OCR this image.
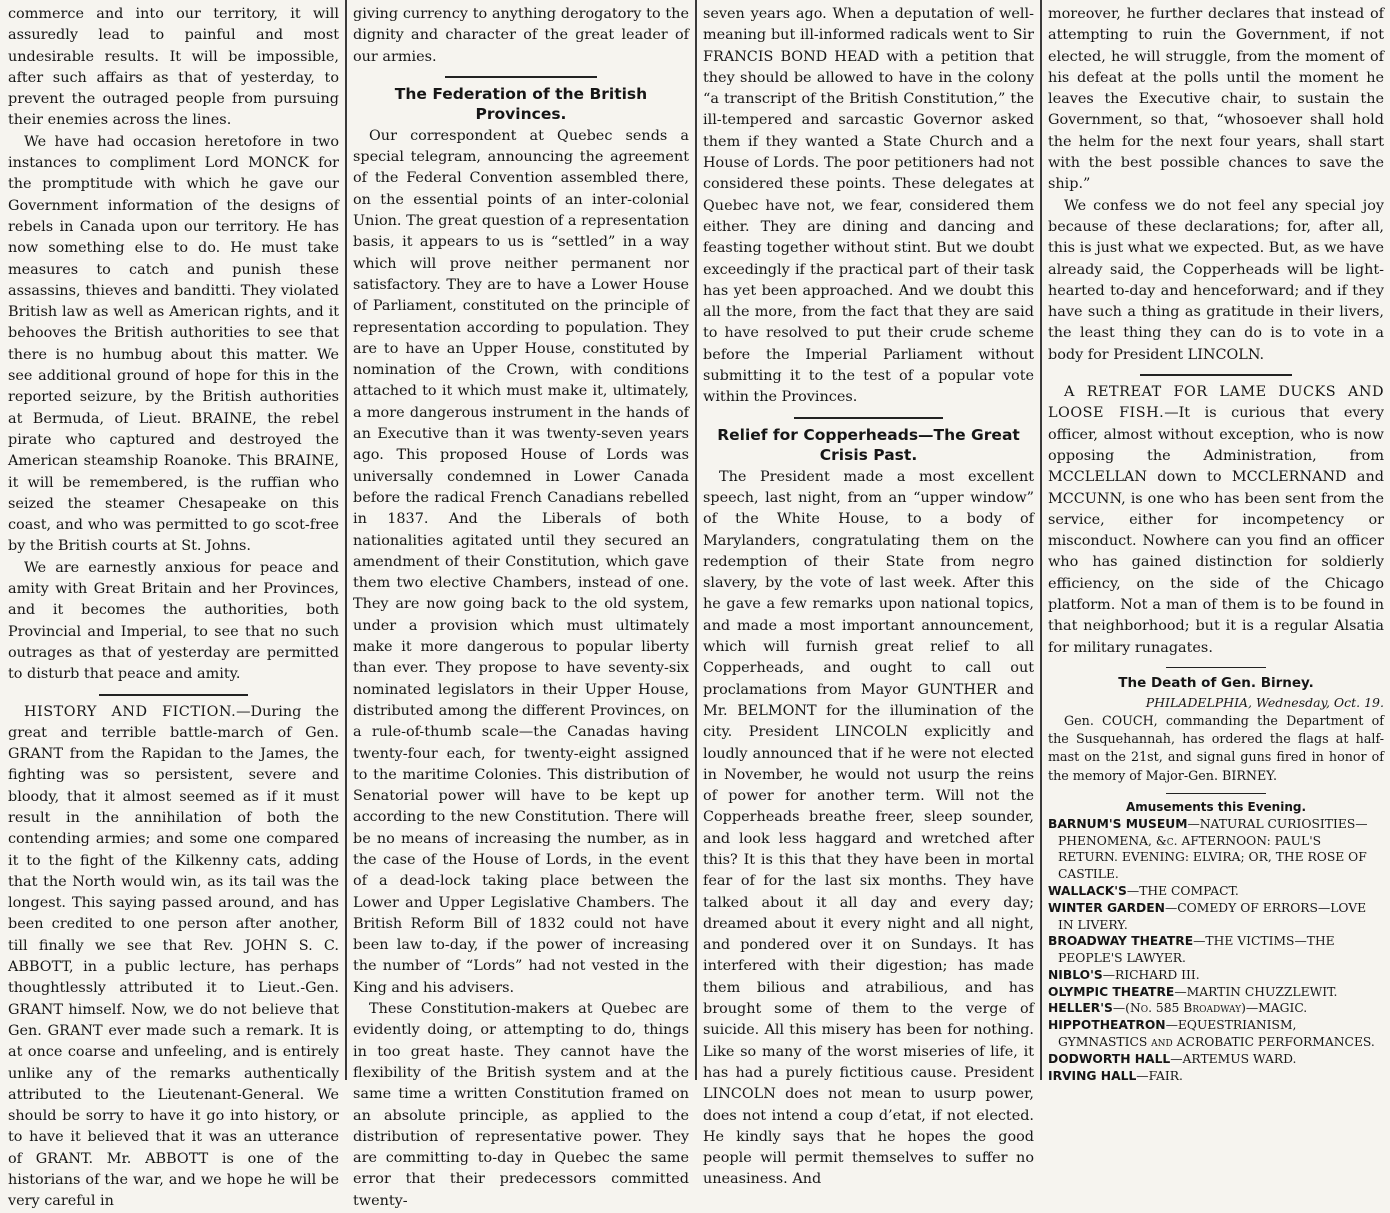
commerce and into our territory, it will assuredly lead to painful and most undesirable results. It will be impossible, after such affairs as that of yesterday, to prevent the outraged people from pursuing their enemies across the lines.

We have had occasion heretofore in two instances to compliment Lord MONCK for the promptitude with which he gave our Government information of the designs of rebels in Canada upon our territory. He has now something else to do. He must take measures to catch and punish these assassins, thieves and banditti. They violated British law as well as American rights, and it behooves the British authorities to see that there is no humbug about this matter. We see additional ground of hope for this in the reported seizure, by the British authorities at Bermuda, of Lieut. BRAINE, the rebel pirate who captured and destroyed the American steamship Roanoke. This BRAINE, it will be remembered, is the ruffian who seized the steamer Chesapeake on this coast, and who was permitted to go scot-free by the British courts at St. Johns.

We are earnestly anxious for peace and amity with Great Britain and her Provinces, and it becomes the authorities, both Provincial and Imperial, to see that no such outrages as that of yesterday are permitted to disturb that peace and amity.

HISTORY AND FICTION.—During the great and terrible battle-march of Gen. GRANT from the Rapidan to the James, the fighting was so persistent, severe and bloody, that it almost seemed as if it must result in the annihilation of both the contending armies; and some one compared it to the fight of the Kilkenny cats, adding that the North would win, as its tail was the longest. This saying passed around, and has been credited to one person after another, till finally we see that Rev. JOHN S. C. ABBOTT, in a public lecture, has perhaps thoughtlessly attributed it to Lieut.-Gen. GRANT himself. Now, we do not believe that Gen. GRANT ever made such a remark. It is at once coarse and unfeeling, and is entirely unlike any of the remarks authentically attributed to the Lieutenant-General. We should be sorry to have it go into history, or to have it believed that it was an utterance of GRANT. Mr. ABBOTT is one of the historians of the war, and we hope he will be very careful in

giving currency to anything derogatory to the dignity and character of the great leader of our armies.

The Federation of the British Provinces.

Our correspondent at Quebec sends a special telegram, announcing the agreement of the Federal Convention assembled there, on the essential points of an inter-colonial Union. The great question of a representation basis, it appears to us is “settled” in a way which will prove neither permanent nor satisfactory. They are to have a Lower House of Parliament, constituted on the principle of representation according to population. They are to have an Upper House, constituted by nomination of the Crown, with conditions attached to it which must make it, ultimately, a more dangerous instrument in the hands of an Executive than it was twenty-seven years ago. This proposed House of Lords was universally condemned in Lower Canada before the radical French Canadians rebelled in 1837. And the Liberals of both nationalities agitated until they secured an amendment of their Constitution, which gave them two elective Chambers, instead of one. They are now going back to the old system, under a provision which must ultimately make it more dangerous to popular liberty than ever. They propose to have seventy-six nominated legislators in their Upper House, distributed among the different Provinces, on a rule-of-thumb scale—the Canadas having twenty-four each, for twenty-eight assigned to the maritime Colonies. This distribution of Senatorial power will have to be kept up according to the new Constitution. There will be no means of increasing the number, as in the case of the House of Lords, in the event of a dead-lock taking place between the Lower and Upper Legislative Chambers. The British Reform Bill of 1832 could not have been law to-day, if the power of increasing the number of “Lords” had not vested in the King and his advisers.

These Constitution-makers at Quebec are evidently doing, or attempting to do, things in too great haste. They cannot have the flexibility of the British system and at the same time a written Constitution framed on an absolute principle, as applied to the distribution of representative power. They are committing to-day in Quebec the same error that their predecessors committed twenty-

seven years ago. When a deputation of well-meaning but ill-informed radicals went to Sir FRANCIS BOND HEAD with a petition that they should be allowed to have in the colony “a transcript of the British Constitution,” the ill-tempered and sarcastic Governor asked them if they wanted a State Church and a House of Lords. The poor petitioners had not considered these points. These delegates at Quebec have not, we fear, considered them either. They are dining and dancing and feasting together without stint. But we doubt exceedingly if the practical part of their task has yet been approached. And we doubt this all the more, from the fact that they are said to have resolved to put their crude scheme before the Imperial Parliament without submitting it to the test of a popular vote within the Provinces.

Relief for Copperheads—The Great Crisis Past.

The President made a most excellent speech, last night, from an “upper window” of the White House, to a body of Marylanders, congratulating them on the redemption of their State from negro slavery, by the vote of last week. After this he gave a few remarks upon national topics, and made a most important announcement, which will furnish great relief to all Copperheads, and ought to call out proclamations from Mayor GUNTHER and Mr. BELMONT for the illumination of the city. President LINCOLN explicitly and loudly announced that if he were not elected in November, he would not usurp the reins of power for another term. Will not the Copperheads breathe freer, sleep sounder, and look less haggard and wretched after this? It is this that they have been in mortal fear of for the last six months. They have talked about it all day and every day; dreamed about it every night and all night, and pondered over it on Sundays. It has interfered with their digestion; has made them bilious and atrabilious, and has brought some of them to the verge of suicide. All this misery has been for nothing. Like so many of the worst miseries of life, it has had a purely fictitious cause. President LINCOLN does not mean to usurp power, does not intend a coup d’etat, if not elected. He kindly says that he hopes the good people will permit themselves to suffer no uneasiness. And

moreover, he further declares that instead of attempting to ruin the Government, if not elected, he will struggle, from the moment of his defeat at the polls until the moment he leaves the Executive chair, to sustain the Government, so that, “whosoever shall hold the helm for the next four years, shall start with the best possible chances to save the ship.”

We confess we do not feel any special joy because of these declarations; for, after all, this is just what we expected. But, as we have already said, the Copperheads will be light-hearted to-day and henceforward; and if they have such a thing as gratitude in their livers, the least thing they can do is to vote in a body for President LINCOLN.

A RETREAT FOR LAME DUCKS AND LOOSE FISH.—It is curious that every officer, almost without exception, who is now opposing the Administration, from MCCLELLAN down to MCCLERNAND and MCCUNN, is one who has been sent from the service, either for incompetency or misconduct. Nowhere can you find an officer who has gained distinction for soldierly efficiency, on the side of the Chicago platform. Not a man of them is to be found in that neighborhood; but it is a regular Alsatia for military runagates.

The Death of Gen. Birney.

PHILADELPHIA, Wednesday, Oct. 19.

Gen. COUCH, commanding the Department of the Susquehannah, has ordered the flags at half-mast on the 21st, and signal guns fired in honor of the memory of Major-Gen. BIRNEY.

Amusements this Evening.

BARNUM'S MUSEUM—NATURAL CURIOSITIES—PHENOMENA, &c. AFTERNOON: PAUL'S RETURN. EVENING: ELVIRA; OR, THE ROSE OF CASTILE.

WALLACK'S—THE COMPACT.

WINTER GARDEN—COMEDY OF ERRORS—LOVE IN LIVERY.

BROADWAY THEATRE—THE VICTIMS—THE PEOPLE'S LAWYER.

NIBLO'S—RICHARD III.

OLYMPIC THEATRE—MARTIN CHUZZLEWIT.

HELLER'S—(No. 585 Broadway)—MAGIC.

HIPPOTHEATRON—EQUESTRIANISM, GYMNASTICS and ACROBATIC PERFORMANCES.

DODWORTH HALL—ARTEMUS WARD.

IRVING HALL—FAIR.
